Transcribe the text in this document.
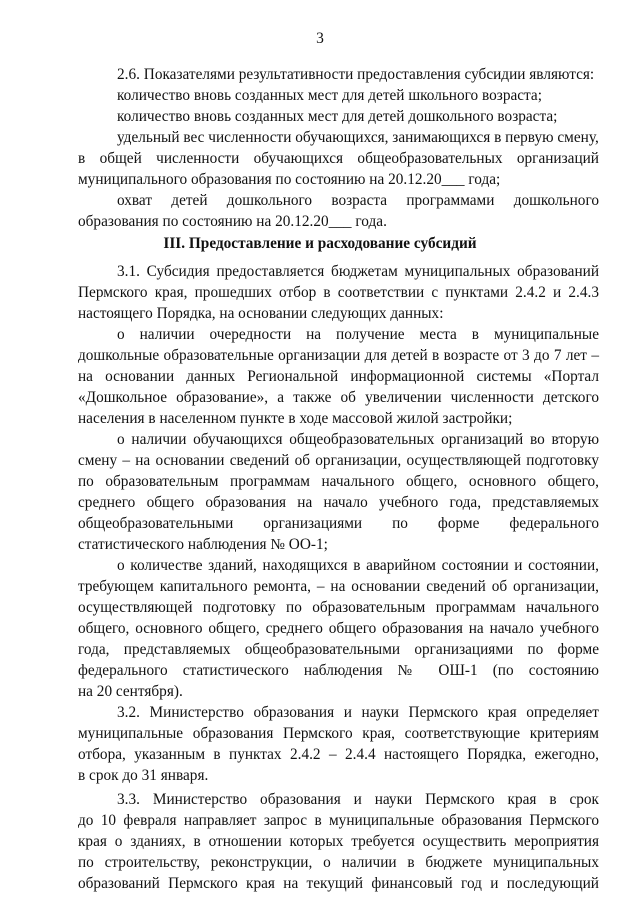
3
2.6. Показателями результативности предоставления субсидии являются:
количество вновь созданных мест для детей школьного возраста;
количество вновь созданных мест для детей дошкольного возраста;
удельный вес численности обучающихся, занимающихся в первую смену,
в общей численности обучающихся общеобразовательных организаций
муниципального образования по состоянию на 20.12.20___ года;
охват детей дошкольного возраста программами дошкольного
образования по состоянию на 20.12.20___ года.
III. Предоставление и расходование субсидий
3.1. Субсидия предоставляется бюджетам муниципальных образований
Пермского края, прошедших отбор в соответствии с пунктами 2.4.2 и 2.4.3
настоящего Порядка, на основании следующих данных:
о наличии очередности на получение места в муниципальные
дошкольные образовательные организации для детей в возрасте от 3 до 7 лет –
на основании данных Региональной информационной системы «Портал
«Дошкольное образование», а также об увеличении численности детского
населения в населенном пункте в ходе массовой жилой застройки;
о наличии обучающихся общеобразовательных организаций во вторую
смену – на основании сведений об организации, осуществляющей подготовку
по образовательным программам начального общего, основного общего,
среднего общего образования на начало учебного года, представляемых
общеобразовательными организациями по форме федерального
статистического наблюдения № ОО-1;
о количестве зданий, находящихся в аварийном состоянии и состоянии,
требующем капитального ремонта, – на основании сведений об организации,
осуществляющей подготовку по образовательным программам начального
общего, основного общего, среднего общего образования на начало учебного
года, представляемых общеобразовательными организациями по форме
федерального статистического наблюдения № ОШ-1 (по состоянию
на 20 сентября).
3.2. Министерство образования и науки Пермского края определяет
муниципальные образования Пермского края, соответствующие критериям
отбора, указанным в пунктах 2.4.2 – 2.4.4 настоящего Порядка, ежегодно,
в срок до 31 января.
3.3. Министерство образования и науки Пермского края в срок
до 10 февраля направляет запрос в муниципальные образования Пермского
края о зданиях, в отношении которых требуется осуществить мероприятия
по строительству, реконструкции, о наличии в бюджете муниципальных
образований Пермского края на текущий финансовый год и последующий
